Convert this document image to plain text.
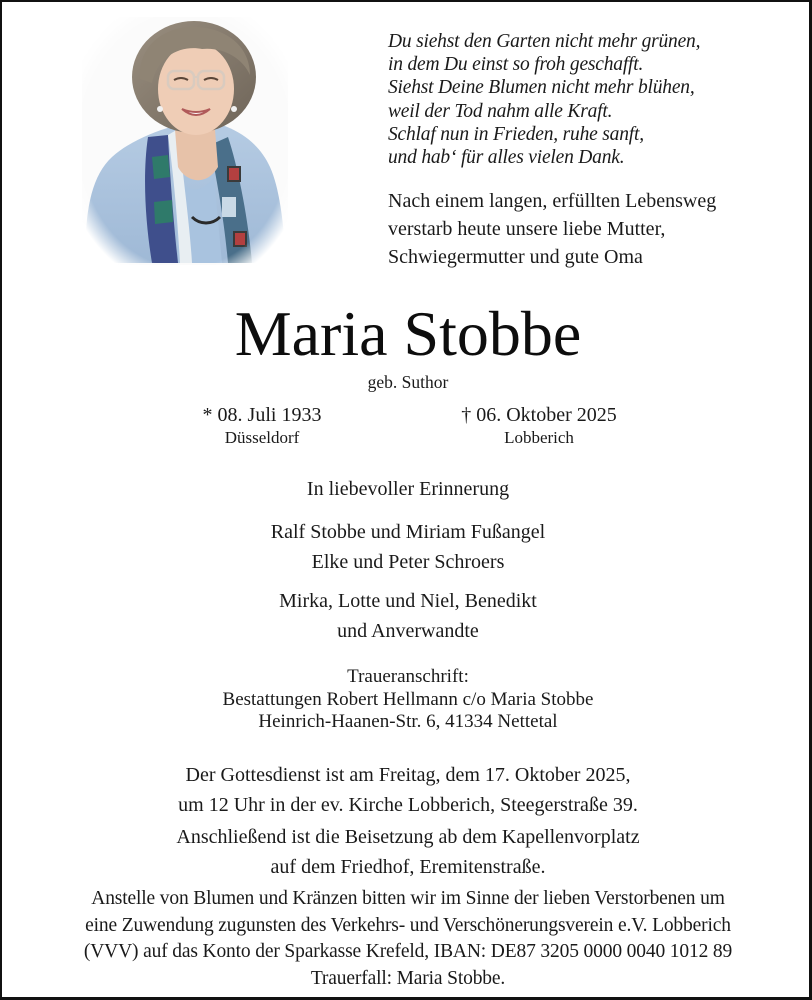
Du siehst den Garten nicht mehr grünen,
in dem Du einst so froh geschafft.
Siehst Deine Blumen nicht mehr blühen,
weil der Tod nahm alle Kraft.
Schlaf nun in Frieden, ruhe sanft,
und hab‘ für alles vielen Dank.
Nach einem langen, erfüllten Lebensweg
verstarb heute unsere liebe Mutter,
Schwiegermutter und gute Oma
Maria Stobbe
geb. Suthor
* 08. Juli 1933
Düsseldorf
† 06. Oktober 2025
Lobberich
In liebevoller Erinnerung
Ralf Stobbe und Miriam Fußangel
Elke und Peter Schroers
Mirka, Lotte und Niel, Benedikt
und Anverwandte
Traueranschrift:
Bestattungen Robert Hellmann c/o Maria Stobbe
Heinrich-Haanen-Str. 6, 41334 Nettetal
Der Gottesdienst ist am Freitag, dem 17. Oktober 2025,
um 12 Uhr in der ev. Kirche Lobberich, Steegerstraße 39.
Anschließend ist die Beisetzung ab dem Kapellenvorplatz
auf dem Friedhof, Eremitenstraße.
Anstelle von Blumen und Kränzen bitten wir im Sinne der lieben Verstorbenen um
eine Zuwendung zugunsten des Verkehrs- und Verschönerungsverein e.V. Lobberich
(VVV) auf das Konto der Sparkasse Krefeld, IBAN: DE87 3205 0000 0040 1012 89
Trauerfall: Maria Stobbe.
